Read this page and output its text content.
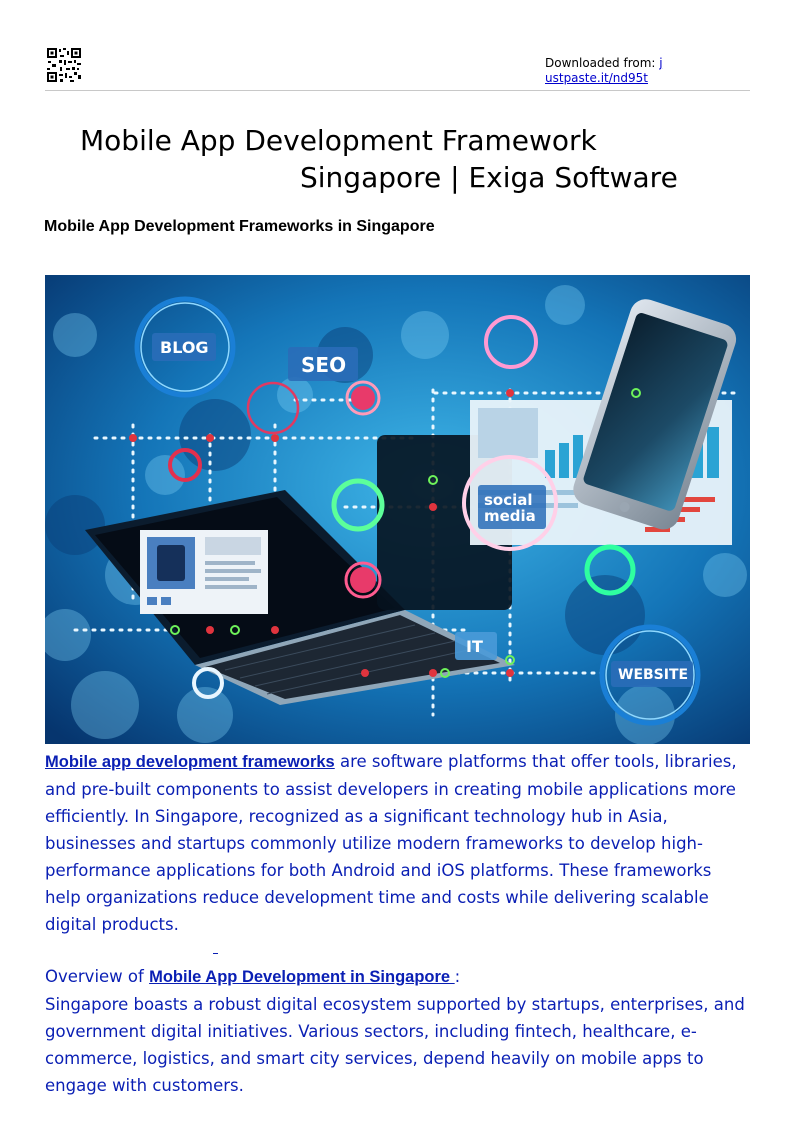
Downloaded from: j
ustpaste.it/nd95t
Mobile App Development Framework
Singapore | Exiga Software
Mobile App Development Frameworks in Singapore
BLOG
SEO
social
media
IT
WEBSITE

Mobile app development frameworks are software platforms that offer tools, libraries, and pre-built components to assist developers in creating mobile applications more efficiently. In Singapore, recognized as a significant technology hub in Asia, businesses and startups commonly utilize modern frameworks to develop high-performance applications for both Android and iOS platforms. These frameworks help organizations reduce development time and costs while delivering scalable digital products.

Overview of Mobile App Development in Singapore :
Singapore boasts a robust digital ecosystem supported by startups, enterprises, and government digital initiatives. Various sectors, including fintech, healthcare, e-commerce, logistics, and smart city services, depend heavily on mobile apps to engage with customers.
